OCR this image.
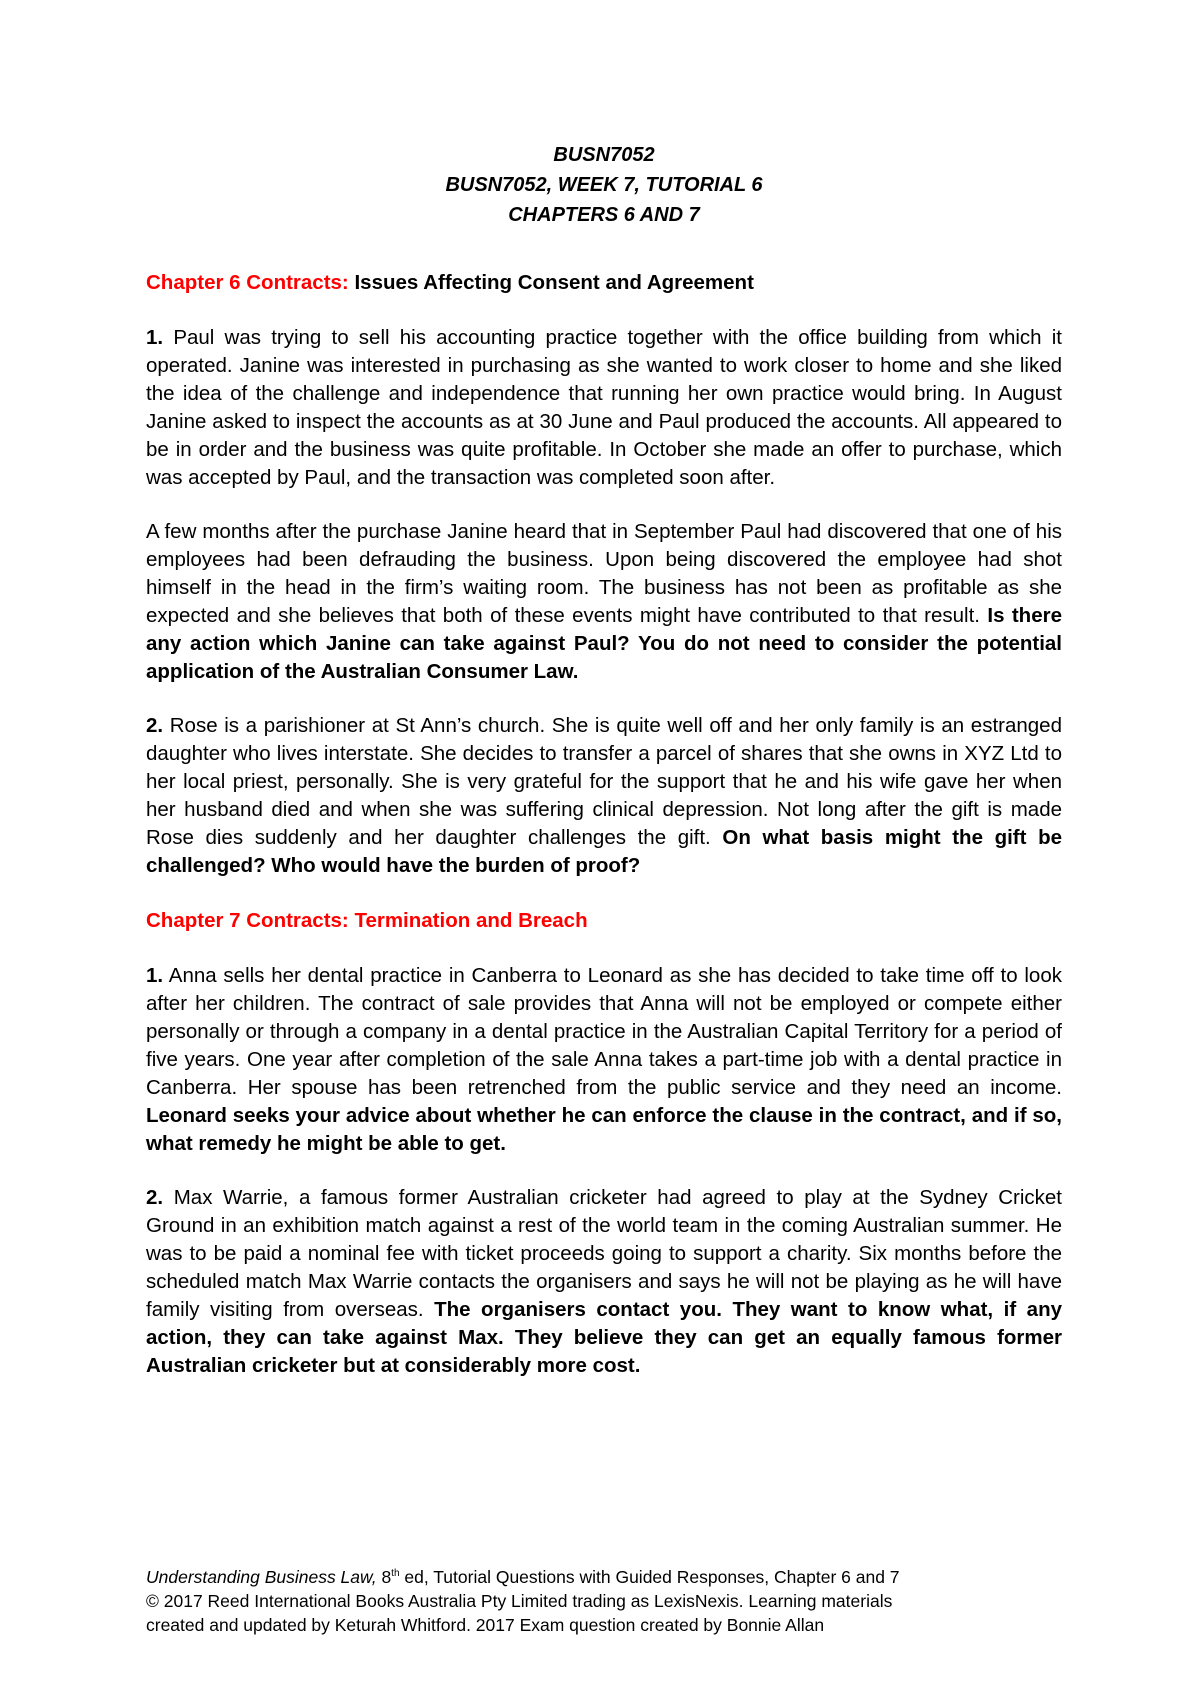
BUSN7052
BUSN7052, WEEK 7, TUTORIAL 6
CHAPTERS 6 AND 7
Chapter 6 Contracts: Issues Affecting Consent and Agreement

1. Paul was trying to sell his accounting practice together with the office building from which it operated. Janine was interested in purchasing as she wanted to work closer to home and she liked the idea of the challenge and independence that running her own practice would bring. In August Janine asked to inspect the accounts as at 30 June and Paul produced the accounts. All appeared to be in order and the business was quite profitable. In October she made an offer to purchase, which was accepted by Paul, and the transaction was completed soon after.

A few months after the purchase Janine heard that in September Paul had discovered that one of his employees had been defrauding the business. Upon being discovered the employee had shot himself in the head in the firm’s waiting room. The business has not been as profitable as she expected and she believes that both of these events might have contributed to that result. Is there any action which Janine can take against Paul? You do not need to consider the potential application of the Australian Consumer Law.

2. Rose is a parishioner at St Ann’s church. She is quite well off and her only family is an estranged daughter who lives interstate. She decides to transfer a parcel of shares that she owns in XYZ Ltd to her local priest, personally. She is very grateful for the support that he and his wife gave her when her husband died and when she was suffering clinical depression. Not long after the gift is made Rose dies suddenly and her daughter challenges the gift. On what basis might the gift be challenged? Who would have the burden of proof?

Chapter 7 Contracts: Termination and Breach

1. Anna sells her dental practice in Canberra to Leonard as she has decided to take time off to look after her children. The contract of sale provides that Anna will not be employed or compete either personally or through a company in a dental practice in the Australian Capital Territory for a period of five years. One year after completion of the sale Anna takes a part-time job with a dental practice in Canberra. Her spouse has been retrenched from the public service and they need an income. Leonard seeks your advice about whether he can enforce the clause in the contract, and if so, what remedy he might be able to get.

2. Max Warrie, a famous former Australian cricketer had agreed to play at the Sydney Cricket Ground in an exhibition match against a rest of the world team in the coming Australian summer. He was to be paid a nominal fee with ticket proceeds going to support a charity. Six months before the scheduled match Max Warrie contacts the organisers and says he will not be playing as he will have family visiting from overseas. The organisers contact you. They want to know what, if any action, they can take against Max. They believe they can get an equally famous former Australian cricketer but at considerably more cost.

Understanding Business Law, 8th ed, Tutorial Questions with Guided Responses, Chapter 6 and 7
© 2017 Reed International Books Australia Pty Limited trading as LexisNexis. Learning materials
created and updated by Keturah Whitford. 2017 Exam question created by Bonnie Allan
